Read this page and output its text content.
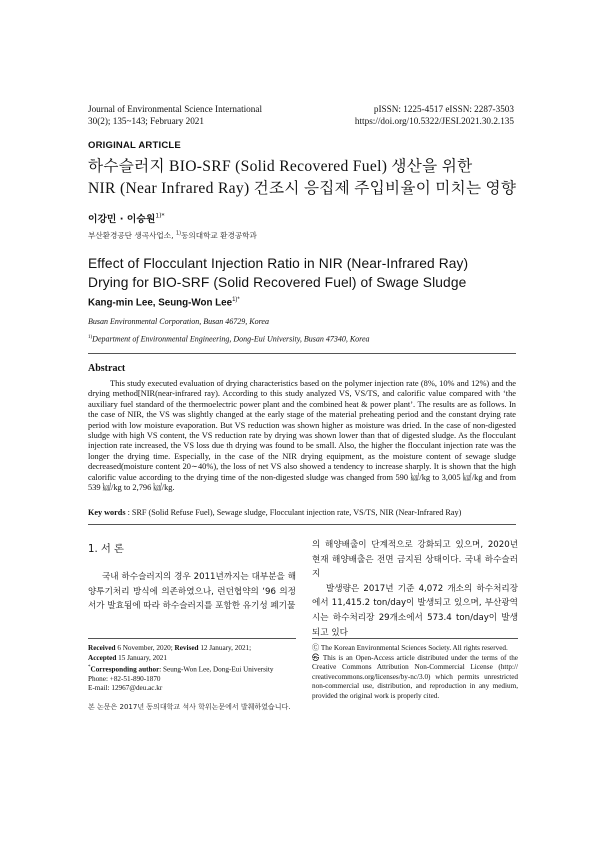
Journal of Environmental Science International
30(2); 135~143; February 2021
pISSN: 1225-4517 eISSN: 2287-3503
https://doi.org/10.5322/JESI.2021.30.2.135
ORIGINAL ARTICLE
하수슬러지 BIO-SRF (Solid Recovered Fuel) 생산을 위한
NIR (Near Infrared Ray) 건조시 응집제 주입비율이 미치는 영향
이강민 · 이승원$^{1)*}$
부산환경공단 생곡사업소, $^{1)}$동의대학교 환경공학과
Effect of Flocculant Injection Ratio in NIR (Near-Infrared Ray)
Drying for BIO-SRF (Solid Recovered Fuel) of Swage Sludge
Kang-min Lee, Seung-Won Lee$^{1)*}$
Busan Environmental Corporation, Busan 46729, Korea
$^{1)}$Department of Environmental Engineering, Dong-Eui University, Busan 47340, Korea
Abstract

This study executed evaluation of drying characteristics based on the polymer injection rate (8%, 10% and 12%) and the drying method[NIR(near-infrared ray). According to this study analyzed VS, VS/TS, and calorific value compared with ‘the auxiliary fuel standard of the thermoelectric power plant and the combined heat & power plant’. The results are as follows. In the case of NIR, the VS was slightly changed at the early stage of the material preheating period and the constant drying rate period with low moisture evaporation. But VS reduction was shown higher as moisture was dried. In the case of non-digested sludge with high VS content, the VS reduction rate by drying was shown lower than that of digested sludge. As the flocculant injection rate increased, the VS loss due th drying was found to be small. Also, the higher the flocculant injection rate was the longer the drying time. Especially, in the case of the NIR drying equipment, as the moisture content of sewage sludge decreased(moisture content 20∼40%), the loss of net VS also showed a tendency to increase sharply. It is shown that the high calorific value according to the drying time of the non-digested sludge was changed from 590 ㎉/kg to 3,005 ㎉/kg and from 539 ㎉/kg to 2,796 ㎉/kg.

Key words : SRF (Solid Refuse Fuel), Sewage sludge, Flocculant injection rate, VS/TS, NIR (Near-Infrared Ray)
1. 서 론

국내 하수슬러지의 경우 2011년까지는 대부분을 해양투기처리 방식에 의존하였으나, 런던협약의 ‘96 의정서가 발효됨에 따라 하수슬러지를 포함한 유기성 폐기물

의 해양배출이 단계적으로 강화되고 있으며, 2020년 현재 해양배출은 전면 금지된 상태이다. 국내 하수슬러지

발생량은 2017년 기준 4,072 개소의 하수처리장에서 11,415.2 ton/day이 발생되고 있으며, 부산광역시는 하수처리장 29개소에서 573.4 ton/day이 발생되고 있다

Received 6 November, 2020; Revised 12 January, 2021;
Accepted 15 January, 2021
*Corresponding author: Seung-Won Lee, Dong-Eui University
Phone: +82-51-890-1870
E-mail: 12967@deu.ac.kr
본 논문은 2017년 동의대학교 석사 학위논문에서 발췌하였습니다.
Ⓒ The Korean Environmental Sciences Society. All rights reserved.
㉿ This is an Open-Access article distributed under the terms of the Creative Commons Attribution Non-Commercial License (http:// creativecommons.org/licenses/by-nc/3.0) which permits unrestricted non-commercial use, distribution, and reproduction in any medium, provided the original work is properly cited.
